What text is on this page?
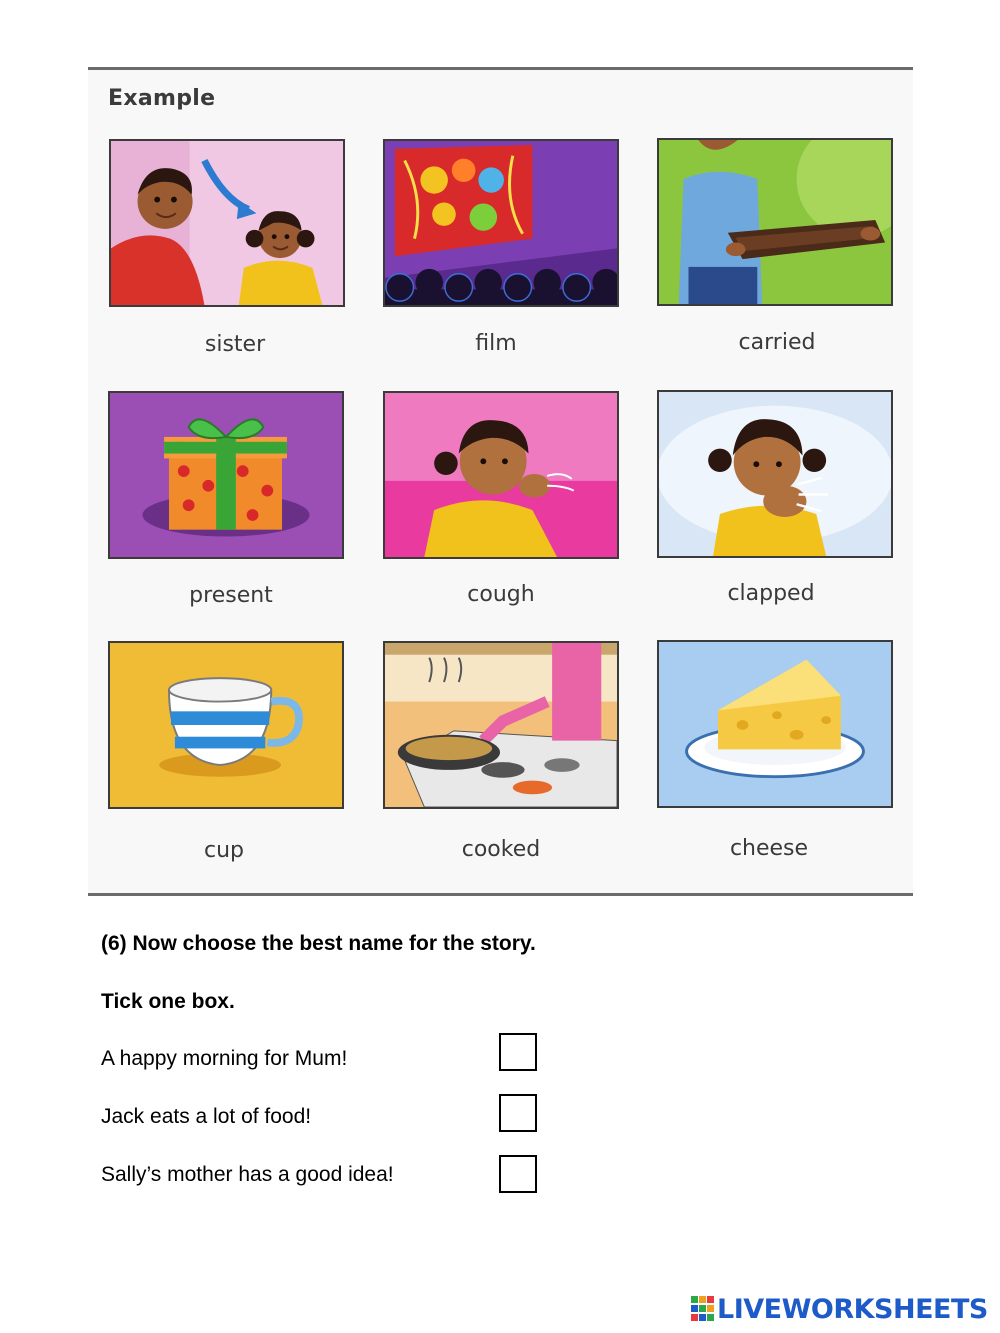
Example
sister	film	carried
present	cough	clapped
cup	cooked	cheese
(6) Now choose the best name for the story.
Tick one box.
A happy morning for Mum!
Jack eats a lot of food!
Sally’s mother has a good idea!
LIVEWORKSHEETS
